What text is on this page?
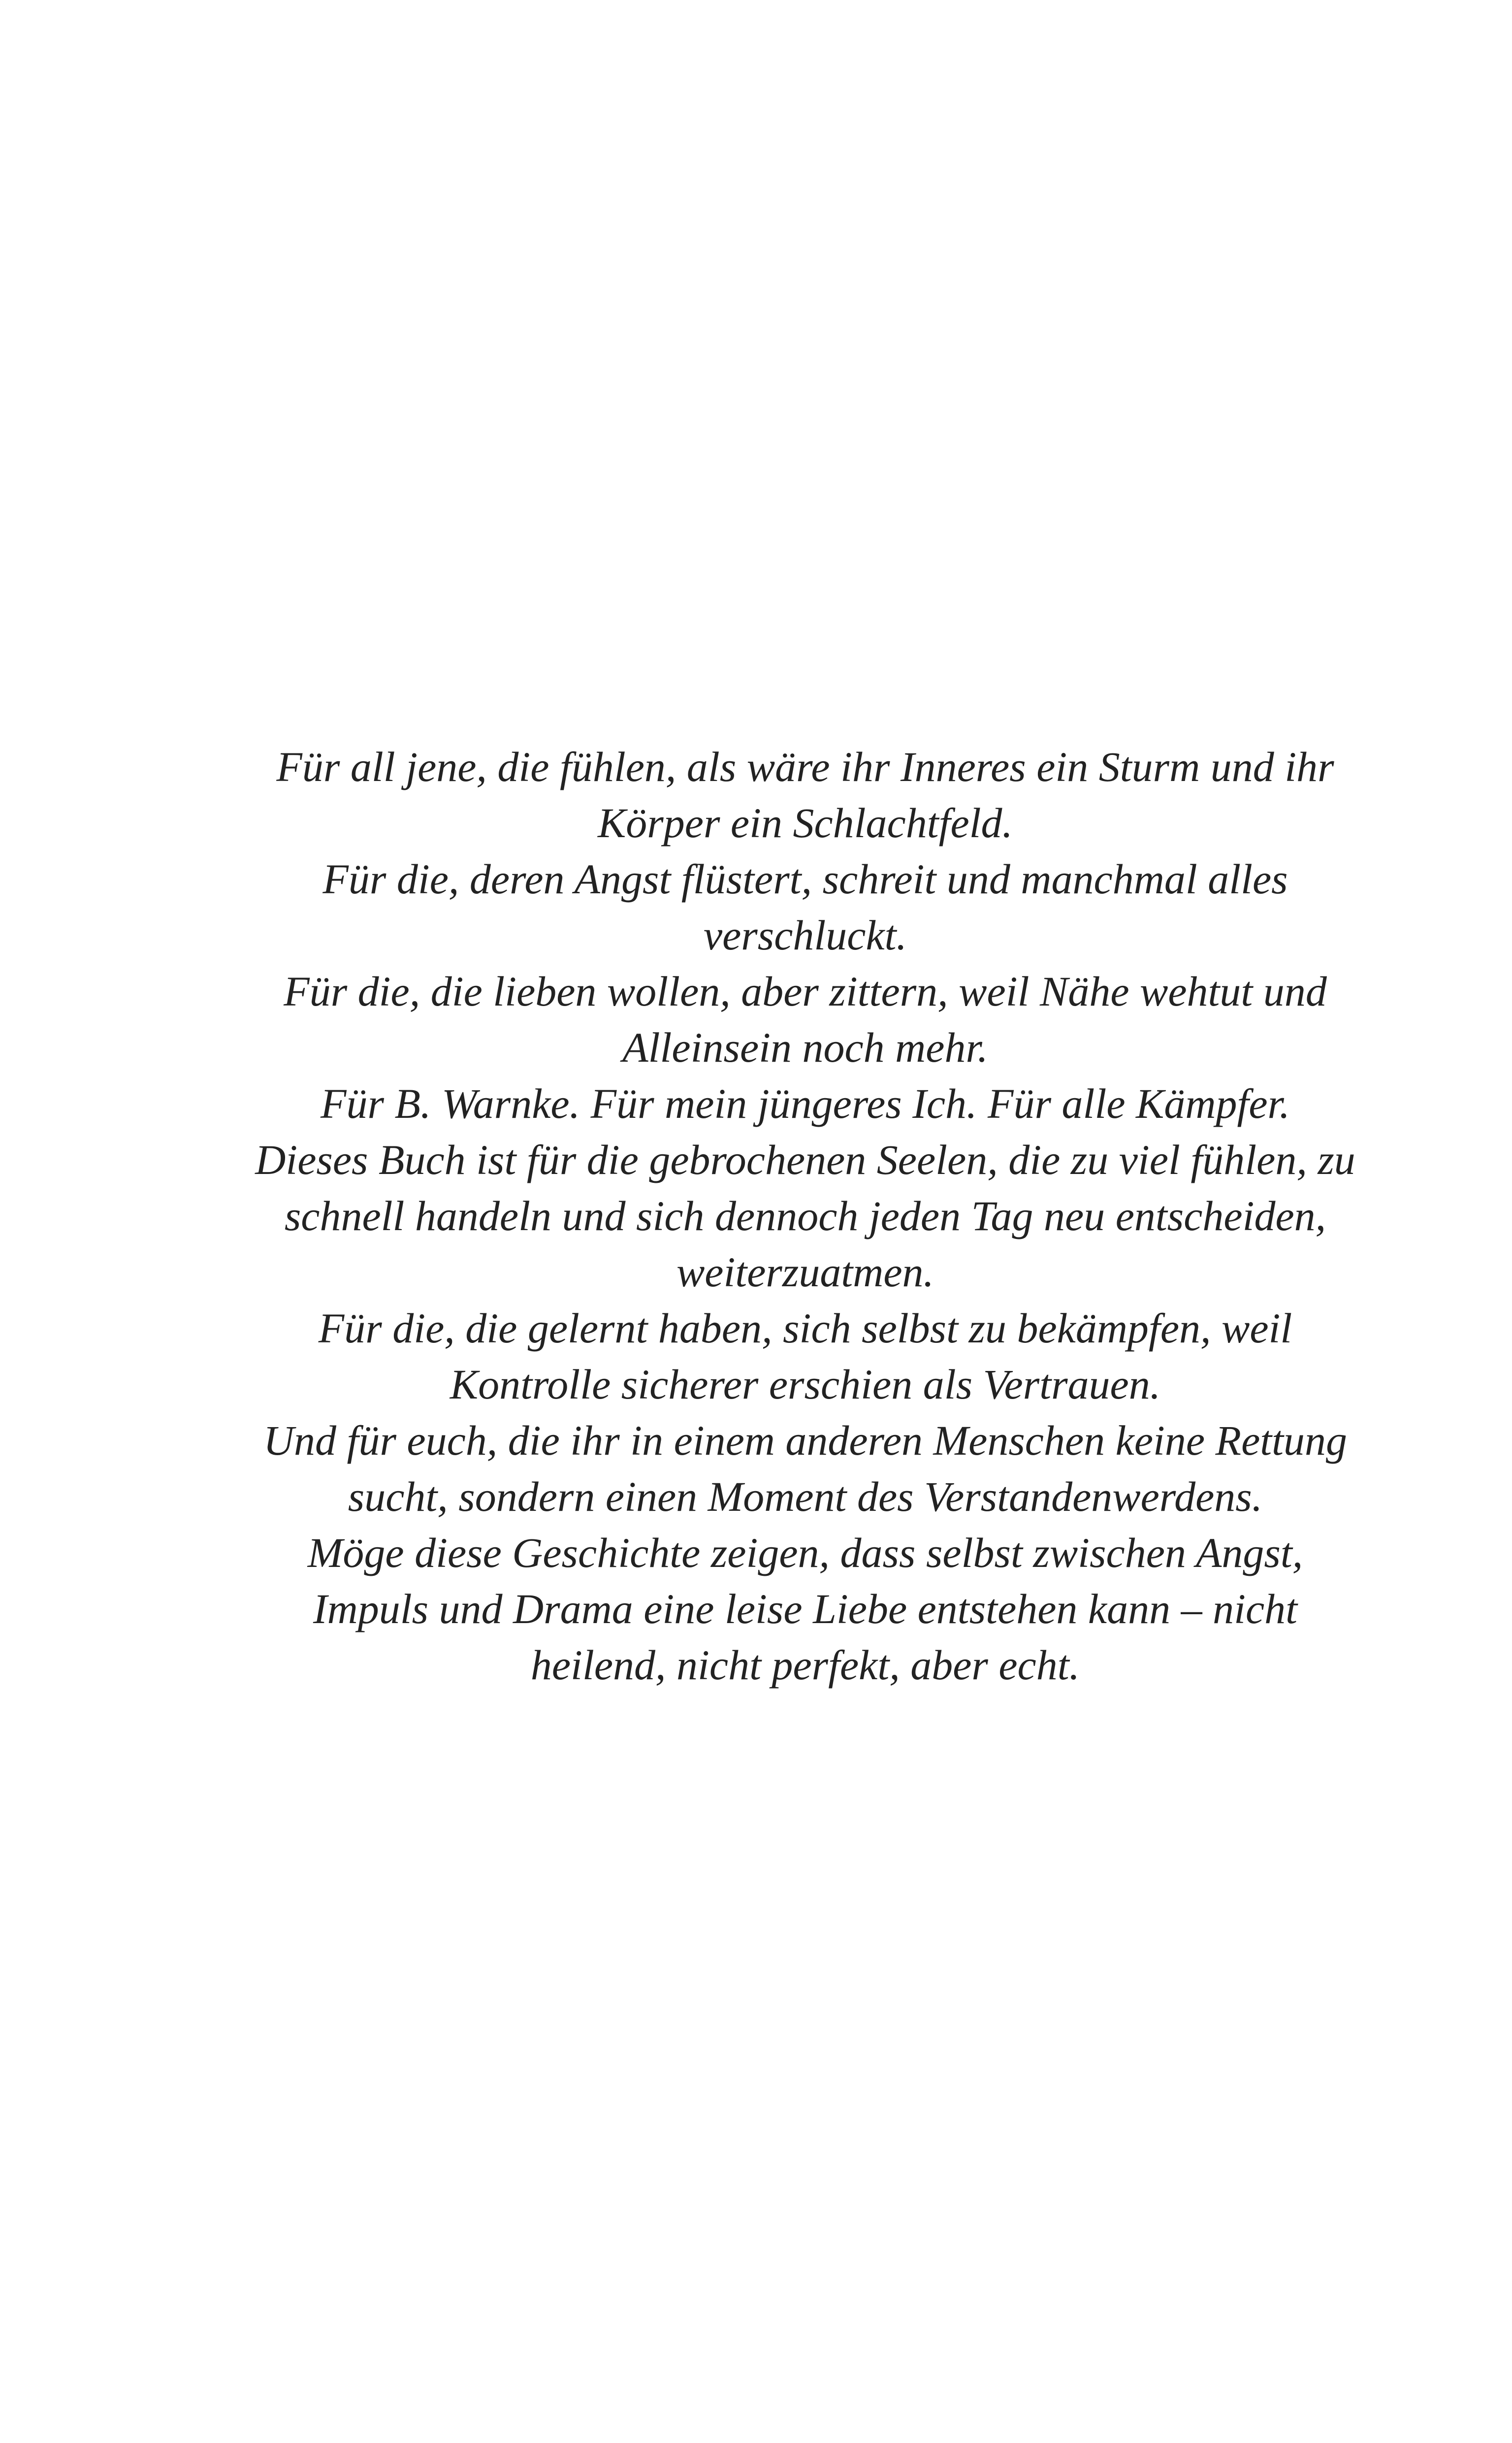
Für all jene, die fühlen, als wäre ihr Inneres ein Sturm und ihr Körper ein Schlachtfeld.

Für die, deren Angst flüstert, schreit und manchmal alles verschluckt.

Für die, die lieben wollen, aber zittern, weil Nähe wehtut und Alleinsein noch mehr.

Für B. Warnke. Für mein jüngeres Ich. Für alle Kämpfer.

Dieses Buch ist für die gebrochenen Seelen, die zu viel fühlen, zu schnell handeln und sich dennoch jeden Tag neu entscheiden, weiterzuatmen.

Für die, die gelernt haben, sich selbst zu bekämpfen, weil Kontrolle sicherer erschien als Vertrauen.

Und für euch, die ihr in einem anderen Menschen keine Rettung sucht, sondern einen Moment des Verstandenwerdens.

Möge diese Geschichte zeigen, dass selbst zwischen Angst, Impuls und Drama eine leise Liebe entstehen kann – nicht heilend, nicht perfekt, aber echt.
